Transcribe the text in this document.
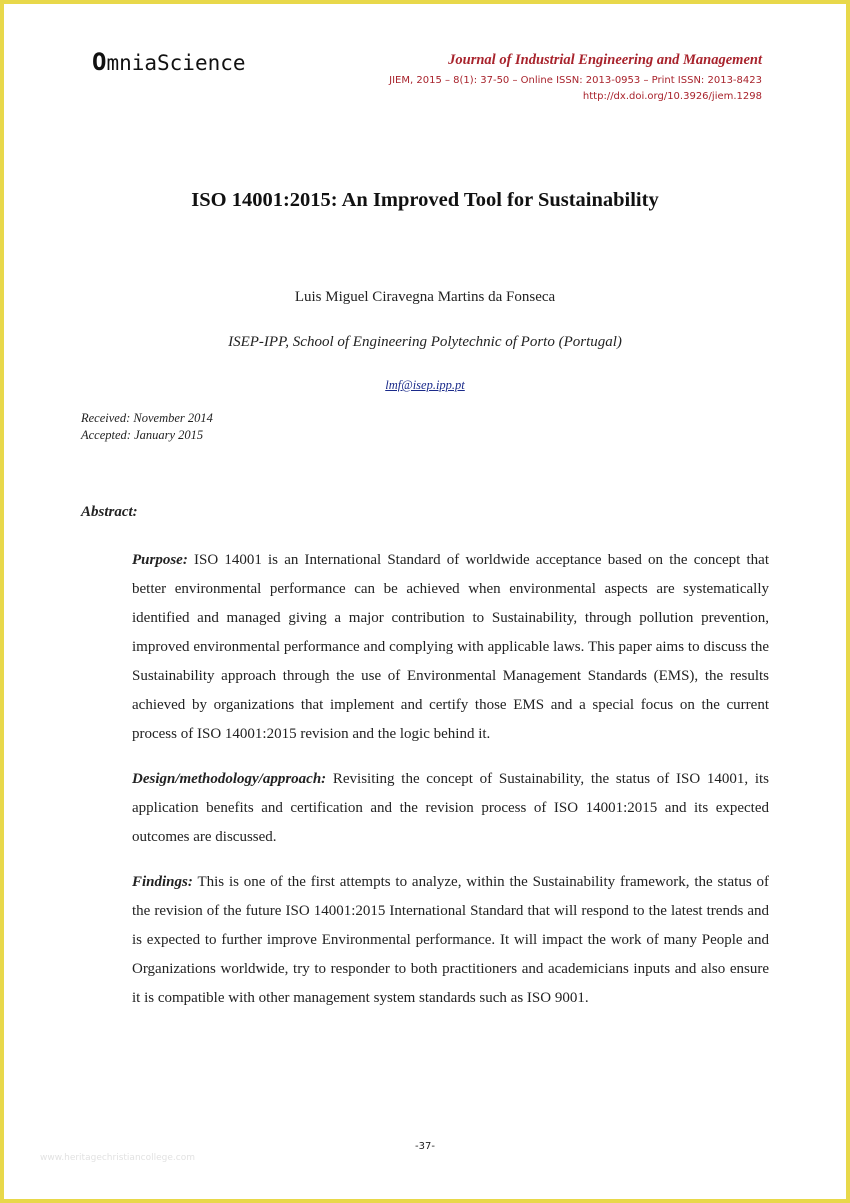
OmniaScience	Journal of Industrial Engineering and Management
JIEM, 2015 – 8(1): 37-50 – Online ISSN: 2013-0953 – Print ISSN: 2013-8423
http://dx.doi.org/10.3926/jiem.1298
ISO 14001:2015: An Improved Tool for Sustainability
Luis Miguel Ciravegna Martins da Fonseca
ISEP-IPP, School of Engineering Polytechnic of Porto (Portugal)
lmf@isep.ipp.pt
Received: November 2014
Accepted: January 2015
Abstract:

Purpose: ISO 14001 is an International Standard of worldwide acceptance based on the concept that better environmental performance can be achieved when environmental aspects are systematically identified and managed giving a major contribution to Sustainability, through pollution prevention, improved environmental performance and complying with applicable laws. This paper aims to discuss the Sustainability approach through the use of Environmental Management Standards (EMS), the results achieved by organizations that implement and certify those EMS and a special focus on the current process of ISO 14001:2015 revision and the logic behind it.

Design/methodology/approach: Revisiting the concept of Sustainability, the status of ISO 14001, its application benefits and certification and the revision process of ISO 14001:2015 and its expected outcomes are discussed.

Findings: This is one of the first attempts to analyze, within the Sustainability framework, the status of the revision of the future ISO 14001:2015 International Standard that will respond to the latest trends and is expected to further improve Environmental performance. It will impact the work of many People and Organizations worldwide, try to responder to both practitioners and academicians inputs and also ensure it is compatible with other management system standards such as ISO 9001.

-37-
www.heritagechristiancollege.com
